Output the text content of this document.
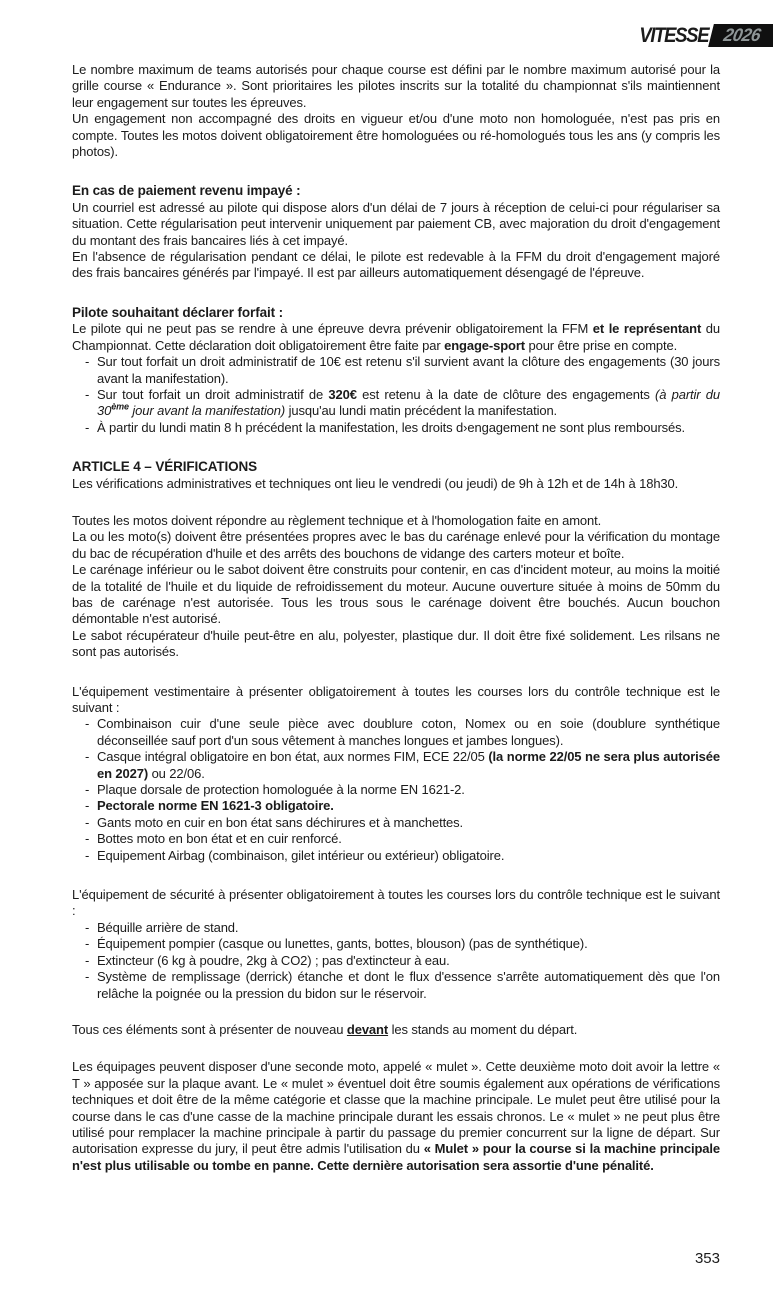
VITESSE 2026
Le nombre maximum de teams autorisés pour chaque course est défini par le nombre maximum autorisé pour la grille course « Endurance ». Sont prioritaires les pilotes inscrits sur la totalité du championnat s'ils maintiennent leur engagement sur toutes les épreuves.
Un engagement non accompagné des droits en vigueur et/ou d'une moto non homologuée, n'est pas pris en compte. Toutes les motos doivent obligatoirement être homologuées ou ré-homologués tous les ans (y compris les photos).
En cas de paiement revenu impayé :
Un courriel est adressé au pilote qui dispose alors d'un délai de 7 jours à réception de celui-ci pour régulariser sa situation. Cette régularisation peut intervenir uniquement par paiement CB, avec majoration du droit d'engagement du montant des frais bancaires liés à cet impayé.
En l'absence de régularisation pendant ce délai, le pilote est redevable à la FFM du droit d'engagement majoré des frais bancaires générés par l'impayé. Il est par ailleurs automatiquement désengagé de l'épreuve.
Pilote souhaitant déclarer forfait :
Le pilote qui ne peut pas se rendre à une épreuve devra prévenir obligatoirement la FFM et le représentant du Championnat. Cette déclaration doit obligatoirement être faite par engage-sport pour être prise en compte.
- Sur tout forfait un droit administratif de 10€ est retenu s'il survient avant la clôture des engagements (30 jours avant la manifestation).
- Sur tout forfait un droit administratif de 320€ est retenu à la date de clôture des engagements (à partir du 30ème jour avant la manifestation) jusqu'au lundi matin précédent la manifestation.
- À partir du lundi matin 8 h précédent la manifestation, les droits d›engagement ne sont plus remboursés.
ARTICLE 4 – VÉRIFICATIONS
Les vérifications administratives et techniques ont lieu le vendredi (ou jeudi) de 9h à 12h et de 14h à 18h30.
Toutes les motos doivent répondre au règlement technique et à l'homologation faite en amont.
La ou les moto(s) doivent être présentées propres avec le bas du carénage enlevé pour la vérification du montage du bac de récupération d'huile et des arrêts des bouchons de vidange des carters moteur et boîte.
Le carénage inférieur ou le sabot doivent être construits pour contenir, en cas d'incident moteur, au moins la moitié de la totalité de l'huile et du liquide de refroidissement du moteur. Aucune ouverture située à moins de 50mm du bas de carénage n'est autorisée. Tous les trous sous le carénage doivent être bouchés. Aucun bouchon démontable n'est autorisé.
Le sabot récupérateur d'huile peut-être en alu, polyester, plastique dur. Il doit être fixé solidement. Les rilsans ne sont pas autorisés.
L'équipement vestimentaire à présenter obligatoirement à toutes les courses lors du contrôle technique est le suivant :
- Combinaison cuir d'une seule pièce avec doublure coton, Nomex ou en soie (doublure synthétique déconseillée sauf port d'un sous vêtement à manches longues et jambes longues).
- Casque intégral obligatoire en bon état, aux normes FIM, ECE 22/05 (la norme 22/05 ne sera plus autorisée en 2027) ou 22/06.
- Plaque dorsale de protection homologuée à la norme EN 1621-2.
- Pectorale norme EN 1621-3 obligatoire.
- Gants moto en cuir en bon état sans déchirures et à manchettes.
- Bottes moto en bon état et en cuir renforcé.
- Equipement Airbag (combinaison, gilet intérieur ou extérieur) obligatoire.
L'équipement de sécurité à présenter obligatoirement à toutes les courses lors du contrôle technique est le suivant :
- Béquille arrière de stand.
- Équipement pompier (casque ou lunettes, gants, bottes, blouson) (pas de synthétique).
- Extincteur (6 kg à poudre, 2kg à CO2) ; pas d'extincteur à eau.
- Système de remplissage (derrick) étanche et dont le flux d'essence s'arrête automatiquement dès que l'on relâche la poignée ou la pression du bidon sur le réservoir.
Tous ces éléments sont à présenter de nouveau devant les stands au moment du départ.
Les équipages peuvent disposer d'une seconde moto, appelé « mulet ». Cette deuxième moto doit avoir la lettre « T » apposée sur la plaque avant. Le « mulet » éventuel doit être soumis également aux opérations de vérifications techniques et doit être de la même catégorie et classe que la machine principale. Le mulet peut être utilisé pour la course dans le cas d'une casse de la machine principale durant les essais chronos. Le « mulet » ne peut plus être utilisé pour remplacer la machine principale à partir du passage du premier concurrent sur la ligne de départ. Sur autorisation expresse du jury, il peut être admis l'utilisation du « Mulet » pour la course si la machine principale n'est plus utilisable ou tombe en panne. Cette dernière autorisation sera assortie d'une pénalité.
353
